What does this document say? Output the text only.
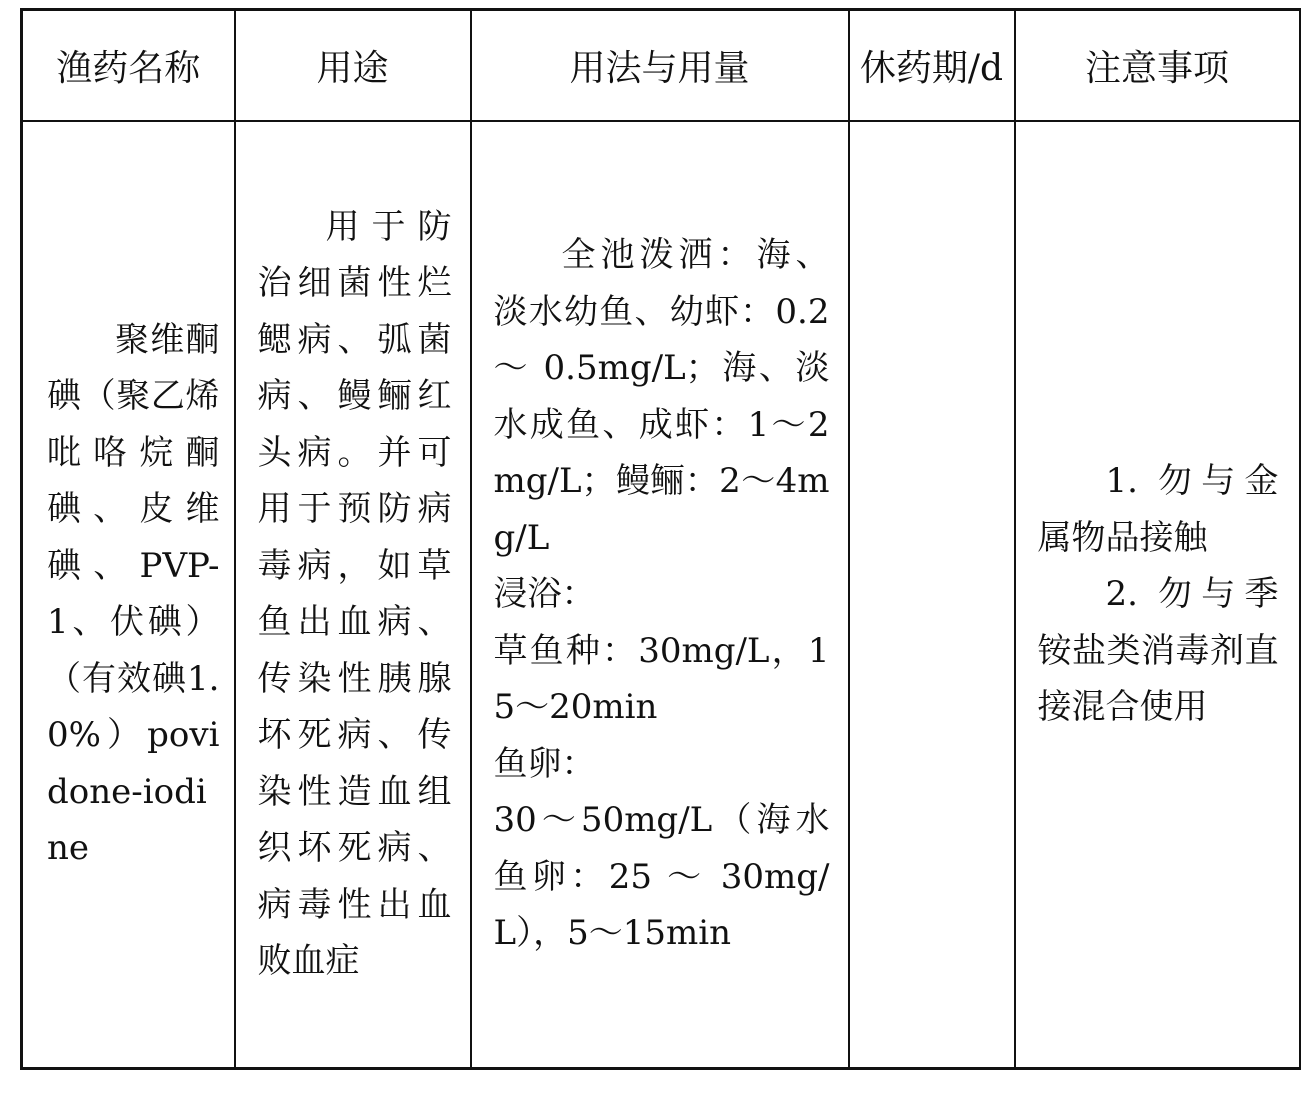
渔药名称	用途	用法与用量	休药期/d	注意事项

聚维酮碘（聚乙烯吡咯烷酮碘、皮维碘、PVP-1、伏碘）（有效碘1.0%）povidone-iodine	用于防治细菌性烂鳃病、弧菌病、鳗鲡红头病。并可用于预防病毒病，如草鱼出血病、传染性胰腺坏死病、传染性造血组织坏死病、病毒性出血败血症	全池泼洒：海、淡水幼鱼、幼虾：0.2 ～ 0.5mg/L；海、淡水成鱼、成虾：1～2mg/L；鳗鲡：2～4mg/L
浸浴：
草鱼种：30mg/L，15～20min
鱼卵：
30～50mg/L（海水鱼卵：25 ～ 30mg/L），5～15min		1. 勿与金属物品接触
2. 勿与季铵盐类消毒剂直接混合使用
